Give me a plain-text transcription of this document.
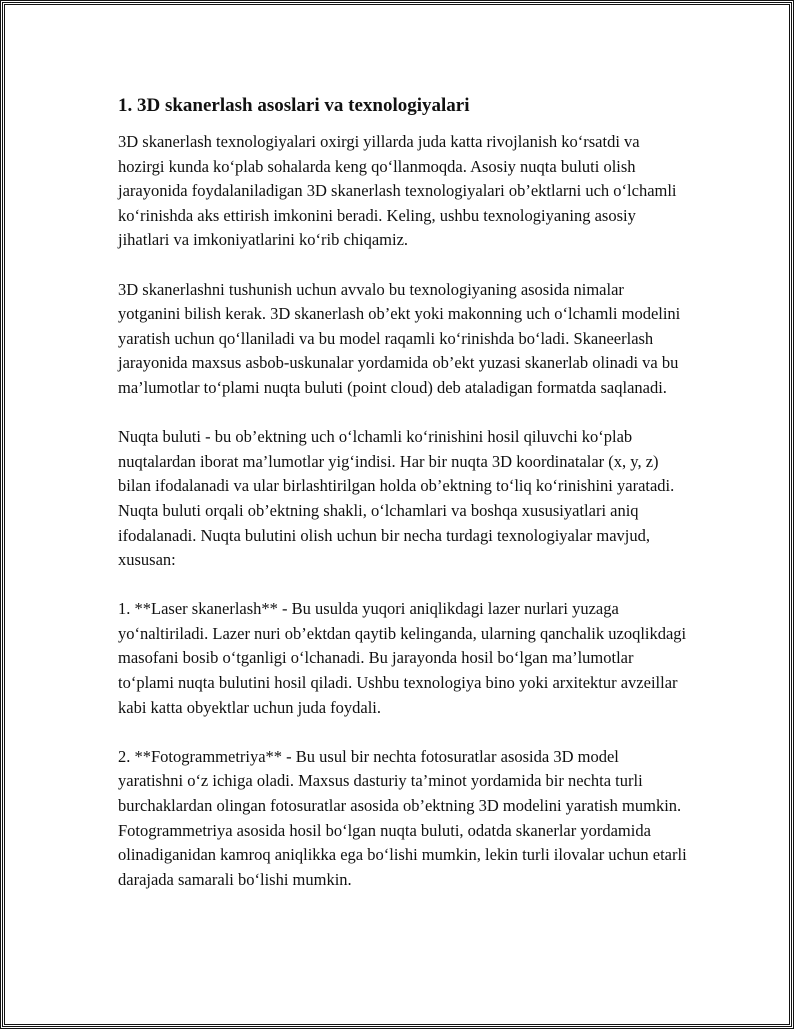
1. 3D skanerlash asoslari va texnologiyalari

3D skanerlash texnologiyalari oxirgi yillarda juda katta rivojlanish ko‘rsatdi va hozirgi kunda ko‘plab sohalarda keng qo‘llanmoqda. Asosiy nuqta buluti olish jarayonida foydalaniladigan 3D skanerlash texnologiyalari ob’ektlarni uch o‘lchamli ko‘rinishda aks ettirish imkonini beradi. Keling, ushbu texnologiyaning asosiy jihatlari va imkoniyatlarini ko‘rib chiqamiz.

3D skanerlashni tushunish uchun avvalo bu texnologiyaning asosida nimalar yotganini bilish kerak. 3D skanerlash ob’ekt yoki makonning uch o‘lchamli modelini yaratish uchun qo‘llaniladi va bu model raqamli ko‘rinishda bo‘ladi. Skaneerlash jarayonida maxsus asbob-uskunalar yordamida ob’ekt yuzasi skanerlab olinadi va bu ma’lumotlar to‘plami nuqta buluti (point cloud) deb ataladigan formatda saqlanadi.

Nuqta buluti - bu ob’ektning uch o‘lchamli ko‘rinishini hosil qiluvchi ko‘plab nuqtalardan iborat ma’lumotlar yig‘indisi. Har bir nuqta 3D koordinatalar (x, y, z) bilan ifodalanadi va ular birlashtirilgan holda ob’ektning to‘liq ko‘rinishini yaratadi. Nuqta buluti orqali ob’ektning shakli, o‘lchamlari va boshqa xususiyatlari aniq ifodalanadi. Nuqta bulutini olish uchun bir necha turdagi texnologiyalar mavjud, xususan:

1. **Laser skanerlash** - Bu usulda yuqori aniqlikdagi lazer nurlari yuzaga yo‘naltiriladi. Lazer nuri ob’ektdan qaytib kelinganda, ularning qanchalik uzoqlikdagi masofani bosib o‘tganligi o‘lchanadi. Bu jarayonda hosil bo‘lgan ma’lumotlar to‘plami nuqta bulutini hosil qiladi. Ushbu texnologiya bino yoki arxitektur avzeillar kabi katta obyektlar uchun juda foydali.

2. **Fotogrammetriya** - Bu usul bir nechta fotosuratlar asosida 3D model yaratishni o‘z ichiga oladi. Maxsus dasturiy ta’minot yordamida bir nechta turli burchaklardan olingan fotosuratlar asosida ob’ektning 3D modelini yaratish mumkin. Fotogrammetriya asosida hosil bo‘lgan nuqta buluti, odatda skanerlar yordamida olinadiganidan kamroq aniqlikka ega bo‘lishi mumkin, lekin turli ilovalar uchun etarli darajada samarali bo‘lishi mumkin.
